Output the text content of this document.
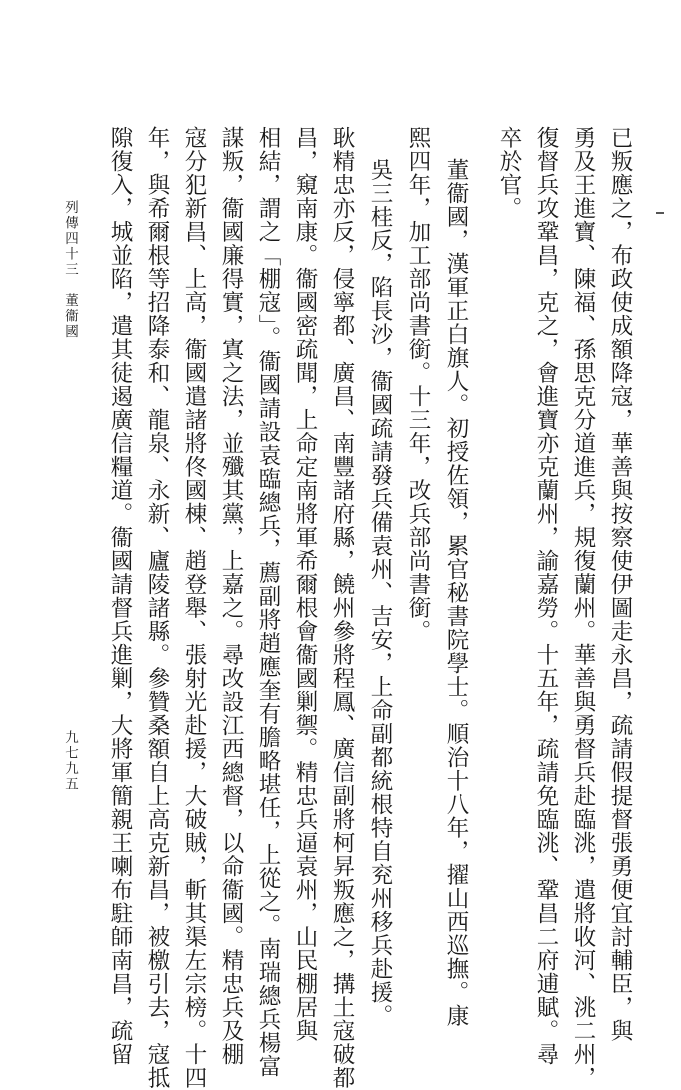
已叛應之，布政使成額降寇，華善與按察使伊圖走永昌，疏請假提督張勇便宜討輔臣，與
勇及王進寶、陳福、孫思克分道進兵，規復蘭州。華善與勇督兵赴臨洮，遣將收河、洮二州，
復督兵攻鞏昌，克之，會進寶亦克蘭州，諭嘉勞。十五年，疏請免臨洮、鞏昌二府逋賦。尋
卒於官。
董衞國，漢軍正白旗人。初授佐領，累官秘書院學士。順治十八年，擢山西巡撫。康
熙四年，加工部尚書銜。十三年，改兵部尚書銜。
吳三桂反，陷長沙，衞國疏請發兵備袁州、吉安，上命副都統根特自兖州移兵赴援。
耿精忠亦反，侵寧都、廣昌、南豐諸府縣，饒州參將程鳳、廣信副將柯昇叛應之，搆土寇破都
昌，窺南康。衞國密疏聞，上命定南將軍希爾根會衞國剿禦。精忠兵逼袁州，山民棚居與
相結，謂之「棚寇」。衞國請設袁臨總兵，薦副將趙應奎有膽略堪任，上從之。南瑞總兵楊富
謀叛，衞國廉得實，寘之法，並殲其黨，上嘉之。尋改設江西總督，以命衞國。精忠兵及棚
寇分犯新昌、上高，衞國遣諸將佟國棟、趙登舉、張射光赴援，大破賊，斬其渠左宗榜。十四
年，與希爾根等招降泰和、龍泉、永新、廬陵諸縣。參贊桑額自上高克新昌，被檄引去，寇抵
隙復入，城並陷，遣其徒遏廣信糧道。衞國請督兵進剿，大將軍簡親王喇布駐師南昌，疏留
列傳四十三　董衞國
九七九五
